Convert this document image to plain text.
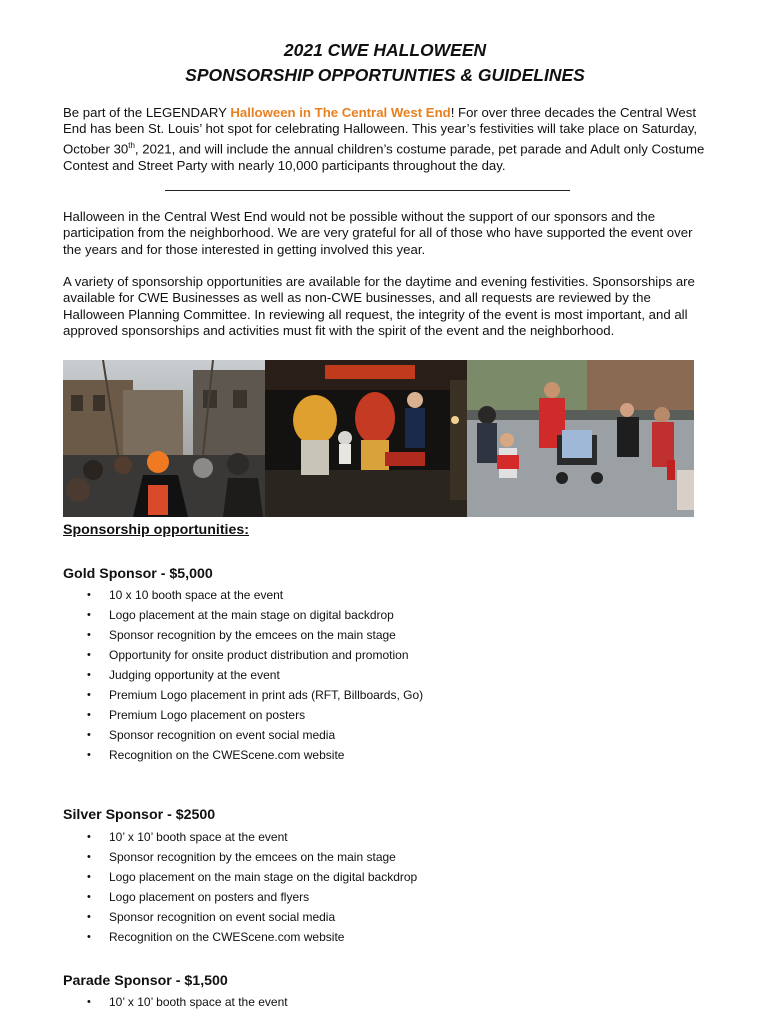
2021 CWE HALLOWEEN
SPONSORSHIP OPPORTUNTIES & GUIDELINES

Be part of the LEGENDARY Halloween in The Central West End! For over three decades the Central West End has been St. Louis’ hot spot for celebrating Halloween. This year’s festivities will take place on Saturday, October 30th, 2021, and will include the annual children’s costume parade, pet parade and Adult only Costume Contest and Street Party with nearly 10,000 participants throughout the day.

Halloween in the Central West End would not be possible without the support of our sponsors and the participation from the neighborhood. We are very grateful for all of those who have supported the event over the years and for those interested in getting involved this year.

A variety of sponsorship opportunities are available for the daytime and evening festivities. Sponsorships are available for CWE Businesses as well as non-CWE businesses, and all requests are reviewed by the Halloween Planning Committee. In reviewing all request, the integrity of the event is most important, and all approved sponsorships and activities must fit with the spirit of the event and the neighborhood.

Sponsorship opportunities:
Gold Sponsor - $5,000
• 10 x 10 booth space at the event
• Logo placement at the main stage on digital backdrop
• Sponsor recognition by the emcees on the main stage
• Opportunity for onsite product distribution and promotion
• Judging opportunity at the event
• Premium Logo placement in print ads (RFT, Billboards, Go)
• Premium Logo placement on posters
• Sponsor recognition on event social media
• Recognition on the CWEScene.com website
Silver Sponsor - $2500
• 10’ x 10’ booth space at the event
• Sponsor recognition by the emcees on the main stage
• Logo placement on the main stage on the digital backdrop
• Logo placement on posters and flyers
• Sponsor recognition on event social media
• Recognition on the CWEScene.com website
Parade Sponsor - $1,500
• 10’ x 10’ booth space at the event
